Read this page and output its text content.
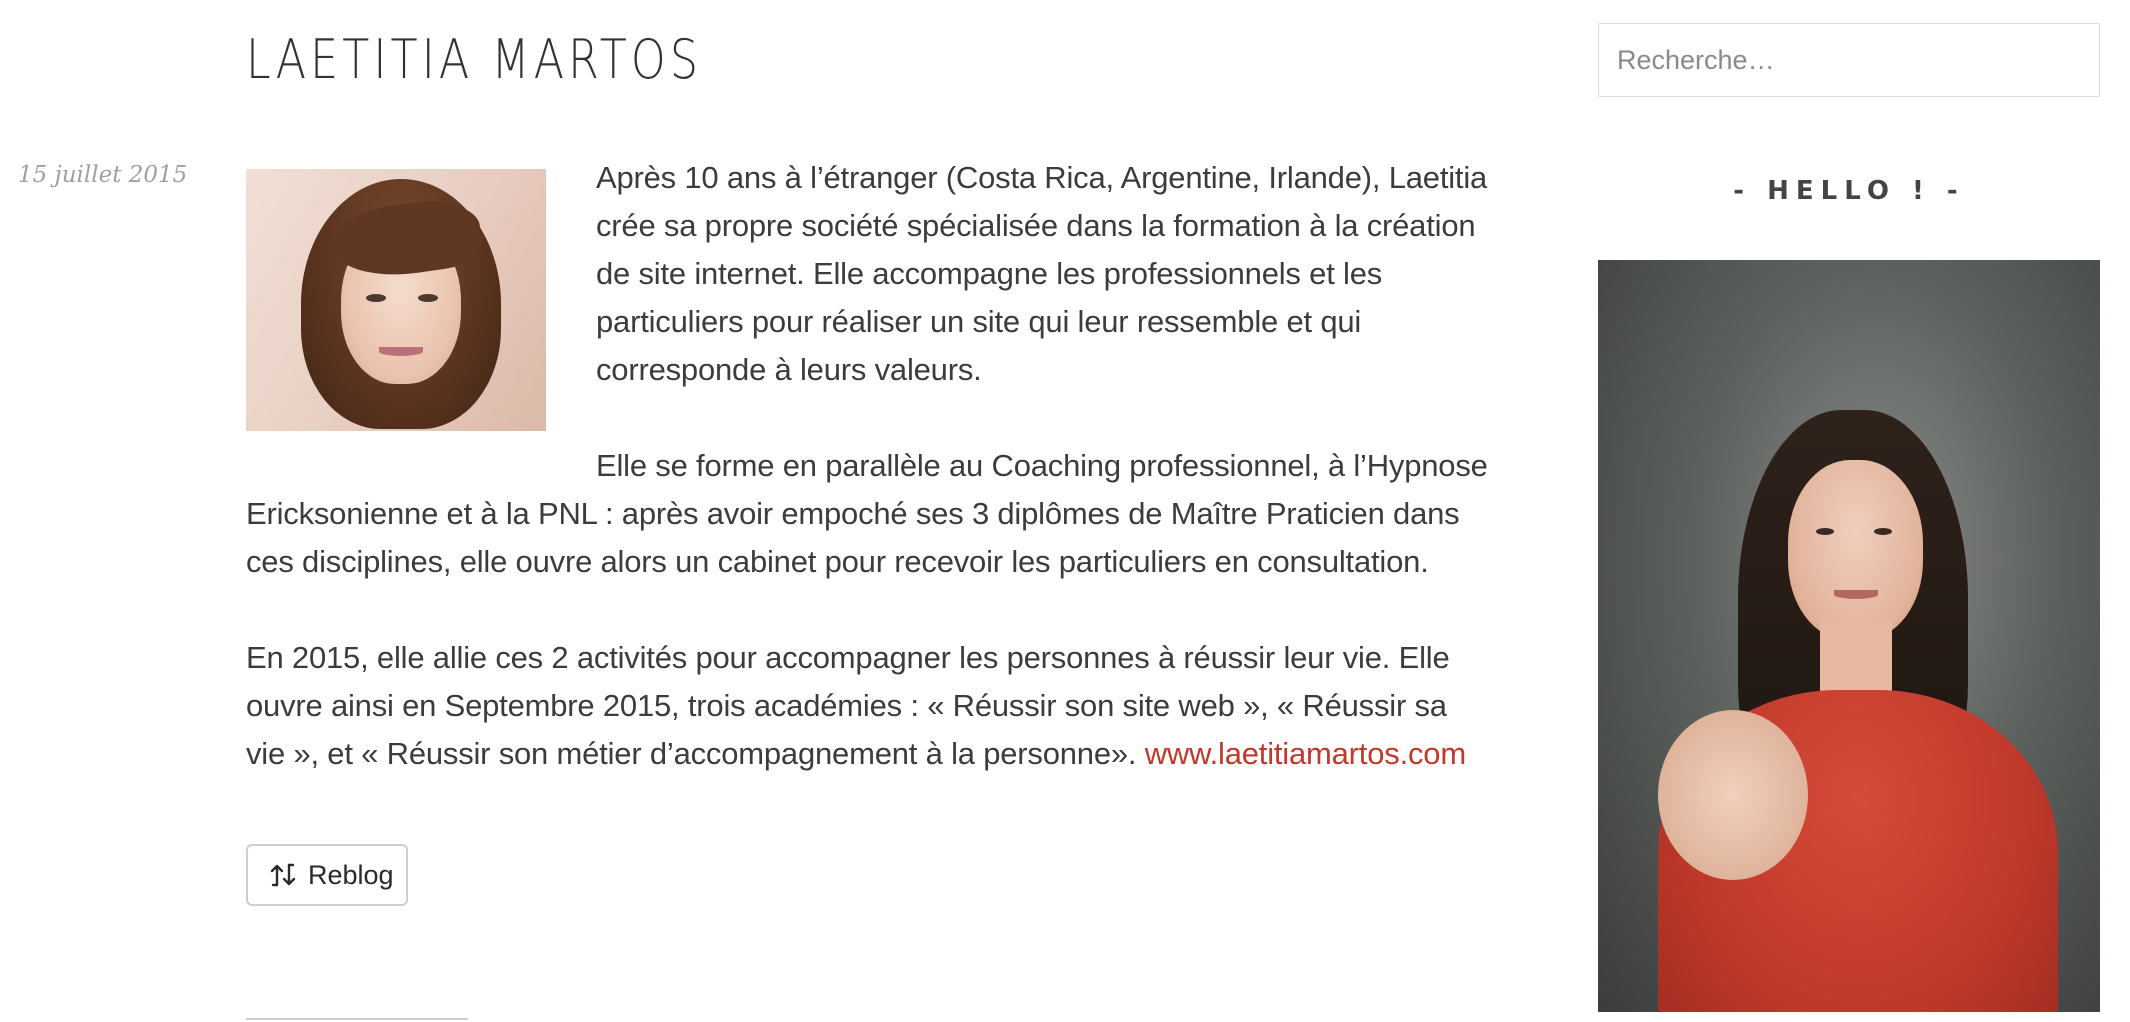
LAETITIA MARTOS
15 juillet 2015	Après 10 ans à l’étranger (Costa Rica, Argentine, Irlande), Laetitia crée sa propre société spécialisée dans la formation à la création de site internet. Elle accompagne les professionnels et les particuliers pour réaliser un site qui leur ressemble et qui corresponde à leurs valeurs.

Elle se forme en parallèle au Coaching professionnel, à l’Hypnose Ericksonienne et à la PNL : après avoir empoché ses 3 diplômes de Maître Praticien dans ces disciplines, elle ouvre alors un cabinet pour recevoir les particuliers en consultation.

En 2015, elle allie ces 2 activités pour accompagner les personnes à réussir leur vie. Elle ouvre ainsi en Septembre 2015, trois académies : « Réussir son site web », « Réussir sa vie », et « Réussir son métier d’accompagnement à la personne». www.laetitiamartos.com

Reblog
Recherche…
- HELLO ! -
